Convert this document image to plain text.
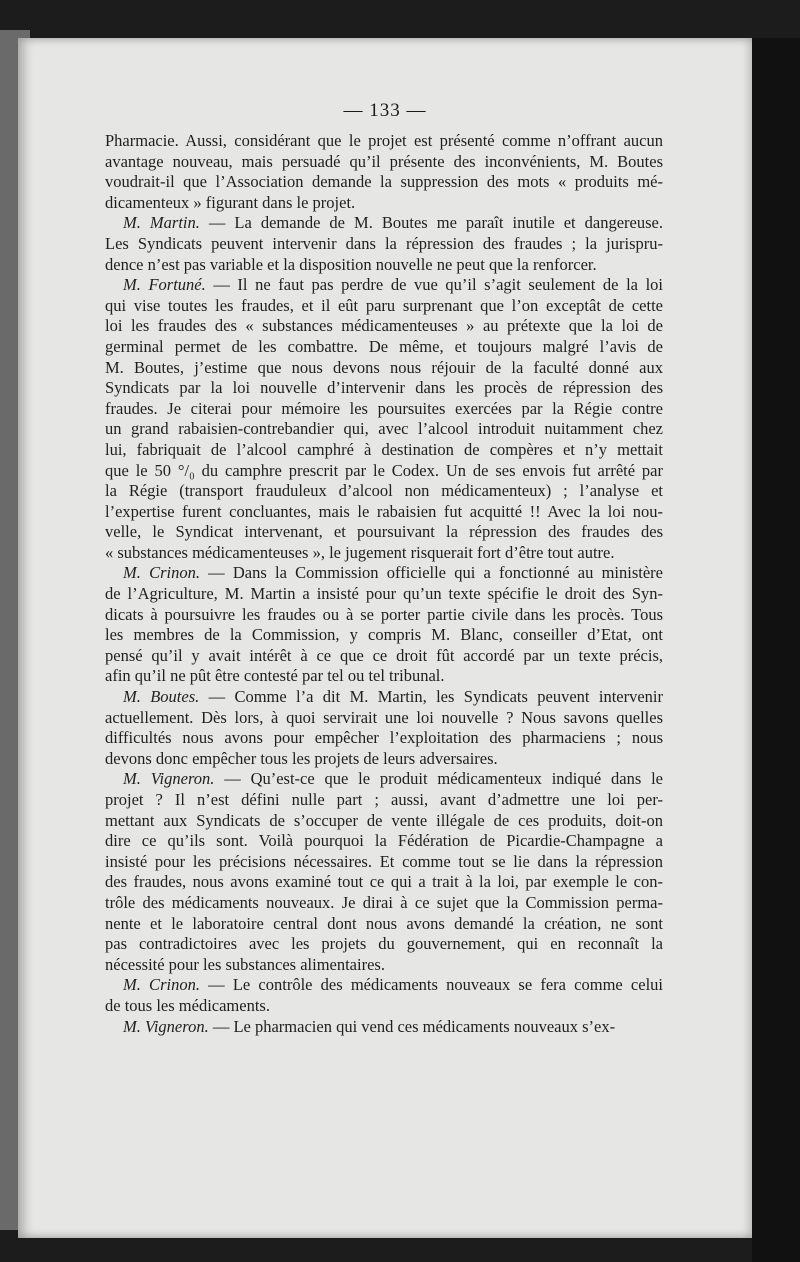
— 133 —

Pharmacie. Aussi, considérant que le projet est présenté comme n’offrant aucun
avantage nouveau, mais persuadé qu’il présente des inconvénients, M. Boutes
voudrait-il que l’Association demande la suppression des mots « produits mé-
dicamenteux » figurant dans le projet.

M. Martin. — La demande de M. Boutes me paraît inutile et dangereuse.
Les Syndicats peuvent intervenir dans la répression des fraudes ; la jurispru-
dence n’est pas variable et la disposition nouvelle ne peut que la renforcer.

M. Fortuné. — Il ne faut pas perdre de vue qu’il s’agit seulement de la loi
qui vise toutes les fraudes, et il eût paru surprenant que l’on exceptât de cette
loi les fraudes des « substances médicamenteuses » au prétexte que la loi de
germinal permet de les combattre. De même, et toujours malgré l’avis de
M. Boutes, j’estime que nous devons nous réjouir de la faculté donné aux
Syndicats par la loi nouvelle d’intervenir dans les procès de répression des
fraudes. Je citerai pour mémoire les poursuites exercées par la Régie contre
un grand rabaisien-contrebandier qui, avec l’alcool introduit nuitamment chez
lui, fabriquait de l’alcool camphré à destination de compères et n’y mettait
que le 50 °/₀ du camphre prescrit par le Codex. Un de ses envois fut arrêté par
la Régie (transport frauduleux d’alcool non médicamenteux) ; l’analyse et
l’expertise furent concluantes, mais le rabaisien fut acquitté !! Avec la loi nou-
velle, le Syndicat intervenant, et poursuivant la répression des fraudes des
« substances médicamenteuses », le jugement risquerait fort d’être tout autre.

M. Crinon. — Dans la Commission officielle qui a fonctionné au ministère
de l’Agriculture, M. Martin a insisté pour qu’un texte spécifie le droit des Syn-
dicats à poursuivre les fraudes ou à se porter partie civile dans les procès. Tous
les membres de la Commission, y compris M. Blanc, conseiller d’Etat, ont
pensé qu’il y avait intérêt à ce que ce droit fût accordé par un texte précis,
afin qu’il ne pût être contesté par tel ou tel tribunal.

M. Boutes. — Comme l’a dit M. Martin, les Syndicats peuvent intervenir
actuellement. Dès lors, à quoi servirait une loi nouvelle ? Nous savons quelles
difficultés nous avons pour empêcher l’exploitation des pharmaciens ; nous
devons donc empêcher tous les projets de leurs adversaires.

M. Vigneron. — Qu’est-ce que le produit médicamenteux indiqué dans le
projet ? Il n’est défini nulle part ; aussi, avant d’admettre une loi per-
mettant aux Syndicats de s’occuper de vente illégale de ces produits, doit-on
dire ce qu’ils sont. Voilà pourquoi la Fédération de Picardie-Champagne a
insisté pour les précisions nécessaires. Et comme tout se lie dans la répression
des fraudes, nous avons examiné tout ce qui a trait à la loi, par exemple le con-
trôle des médicaments nouveaux. Je dirai à ce sujet que la Commission perma-
nente et le laboratoire central dont nous avons demandé la création, ne sont
pas contradictoires avec les projets du gouvernement, qui en reconnaît la
nécessité pour les substances alimentaires.

M. Crinon. — Le contrôle des médicaments nouveaux se fera comme celui
de tous les médicaments.

M. Vigneron. — Le pharmacien qui vend ces médicaments nouveaux s’ex-
